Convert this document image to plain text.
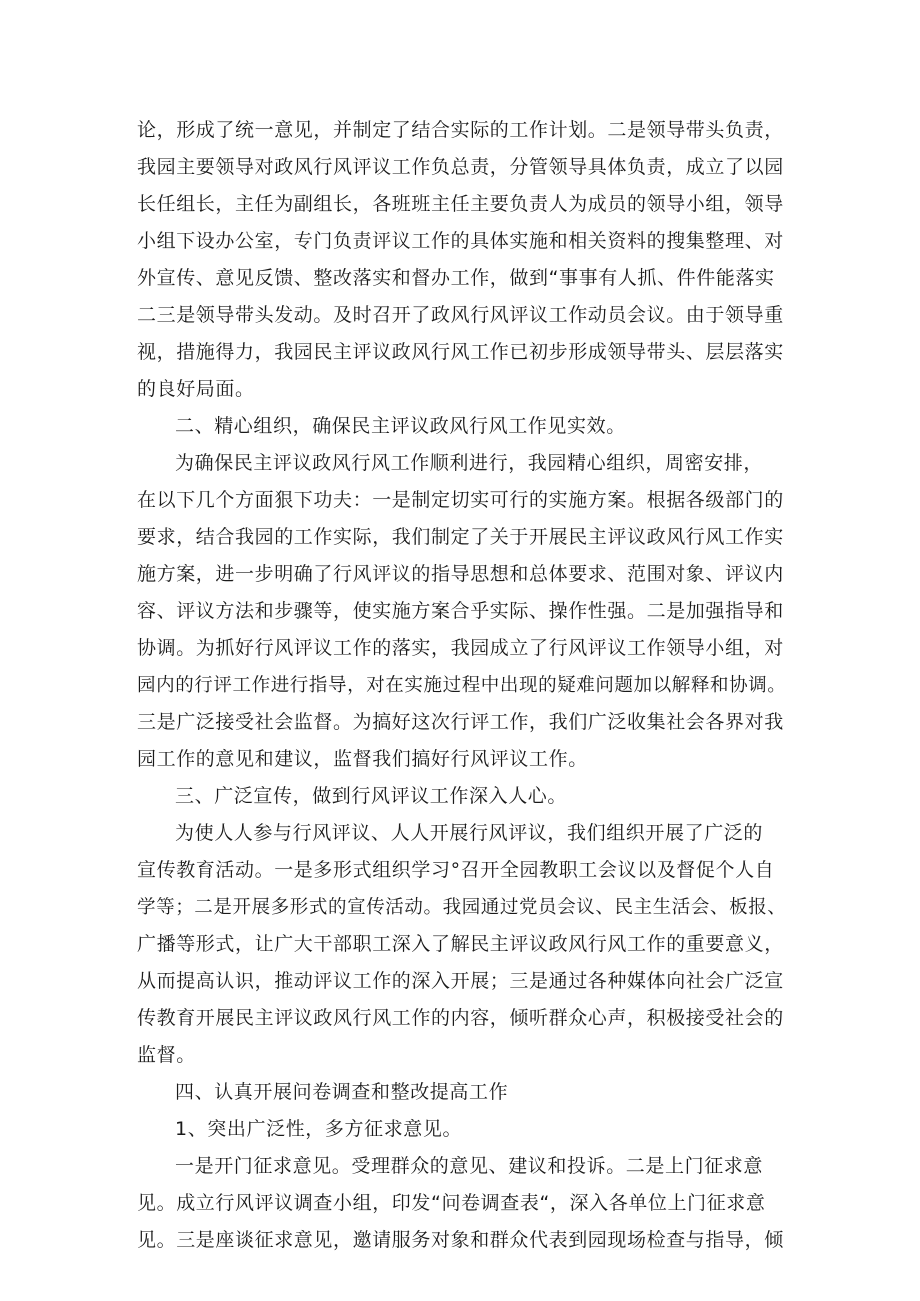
论，形成了统一意见，并制定了结合实际的工作计划。二是领导带头负责，
我园主要领导对政风行风评议工作负总责，分管领导具体负责，成立了以园
长任组长，主任为副组长，各班班主任主要负责人为成员的领导小组，领导
小组下设办公室，专门负责评议工作的具体实施和相关资料的搜集整理、对
外宣传、意见反馈、整改落实和督办工作，做到“事事有人抓、件件能落实
二三是领导带头发动。及时召开了政风行风评议工作动员会议。由于领导重
视，措施得力，我园民主评议政风行风工作已初步形成领导带头、层层落实
的良好局面。
二、精心组织，确保民主评议政风行风工作见实效。
为确保民主评议政风行风工作顺利进行，我园精心组织，周密安排，
在以下几个方面狠下功夫：一是制定切实可行的实施方案。根据各级部门的
要求，结合我园的工作实际，我们制定了关于开展民主评议政风行风工作实
施方案，进一步明确了行风评议的指导思想和总体要求、范围对象、评议内
容、评议方法和步骤等，使实施方案合乎实际、操作性强。二是加强指导和
协调。为抓好行风评议工作的落实，我园成立了行风评议工作领导小组，对
园内的行评工作进行指导，对在实施过程中出现的疑难问题加以解释和协调。
三是广泛接受社会监督。为搞好这次行评工作，我们广泛收集社会各界对我
园工作的意见和建议，监督我们搞好行风评议工作。
三、广泛宣传，做到行风评议工作深入人心。
为使人人参与行风评议、人人开展行风评议，我们组织开展了广泛的
宣传教育活动。一是多形式组织学习°召开全园教职工会议以及督促个人自
学等；二是开展多形式的宣传活动。我园通过党员会议、民主生活会、板报、
广播等形式，让广大干部职工深入了解民主评议政风行风工作的重要意义，
从而提高认识，推动评议工作的深入开展；三是通过各种媒体向社会广泛宣
传教育开展民主评议政风行风工作的内容，倾听群众心声，积极接受社会的
监督。
四、认真开展问卷调查和整改提高工作
1、突出广泛性，多方征求意见。
一是开门征求意见。受理群众的意见、建议和投诉。二是上门征求意
见。成立行风评议调查小组，印发“问卷调查表“，深入各单位上门征求意
见。三是座谈征求意见，邀请服务对象和群众代表到园现场检查与指导，倾
